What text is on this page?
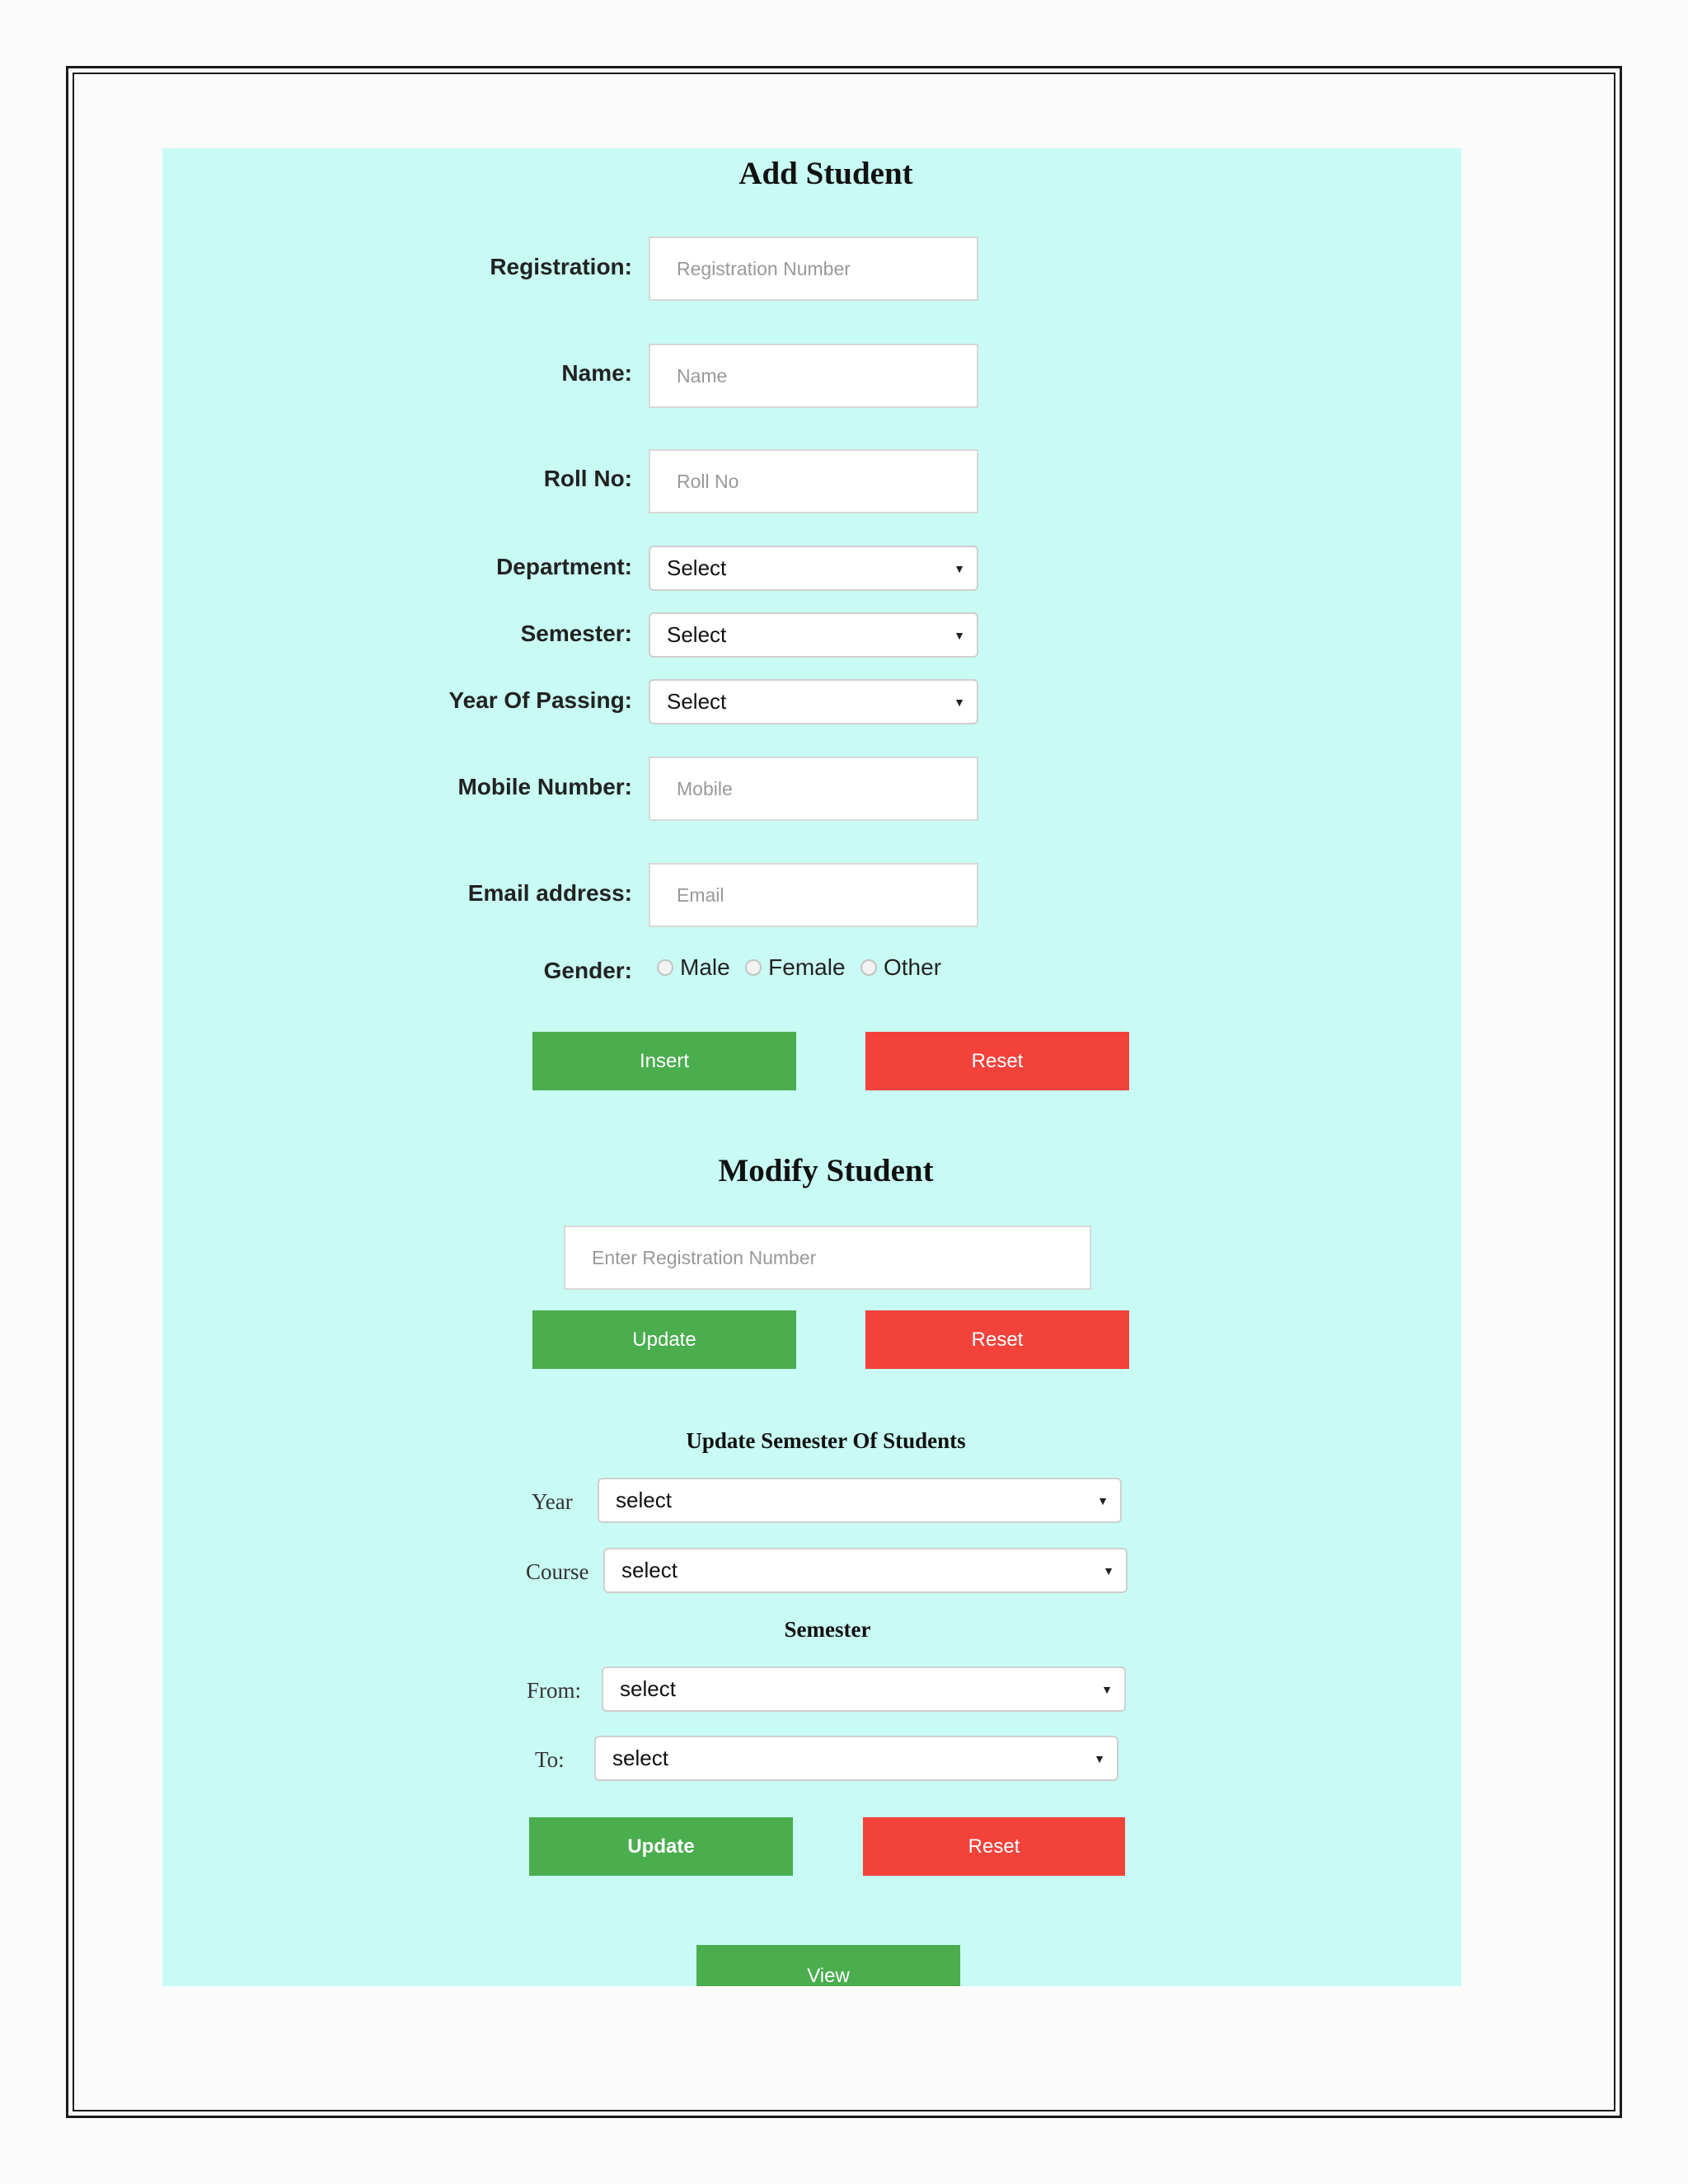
Add Student
Registration:	Registration Number
Name:	Name
Roll No:	Roll No
Department: Select	▼
Semester: Select	▼
Year Of Passing: Select	▼
Mobile Number:	Mobile
Email address:	Email
Gender:	Male Female Other
Insert	Reset
Modify Student
Enter Registration Number
Update	Reset
Update Semester Of Students
Year select	▼
Course select	▼
Semester
From: select	▼
To: select	▼
Update	Reset
View
